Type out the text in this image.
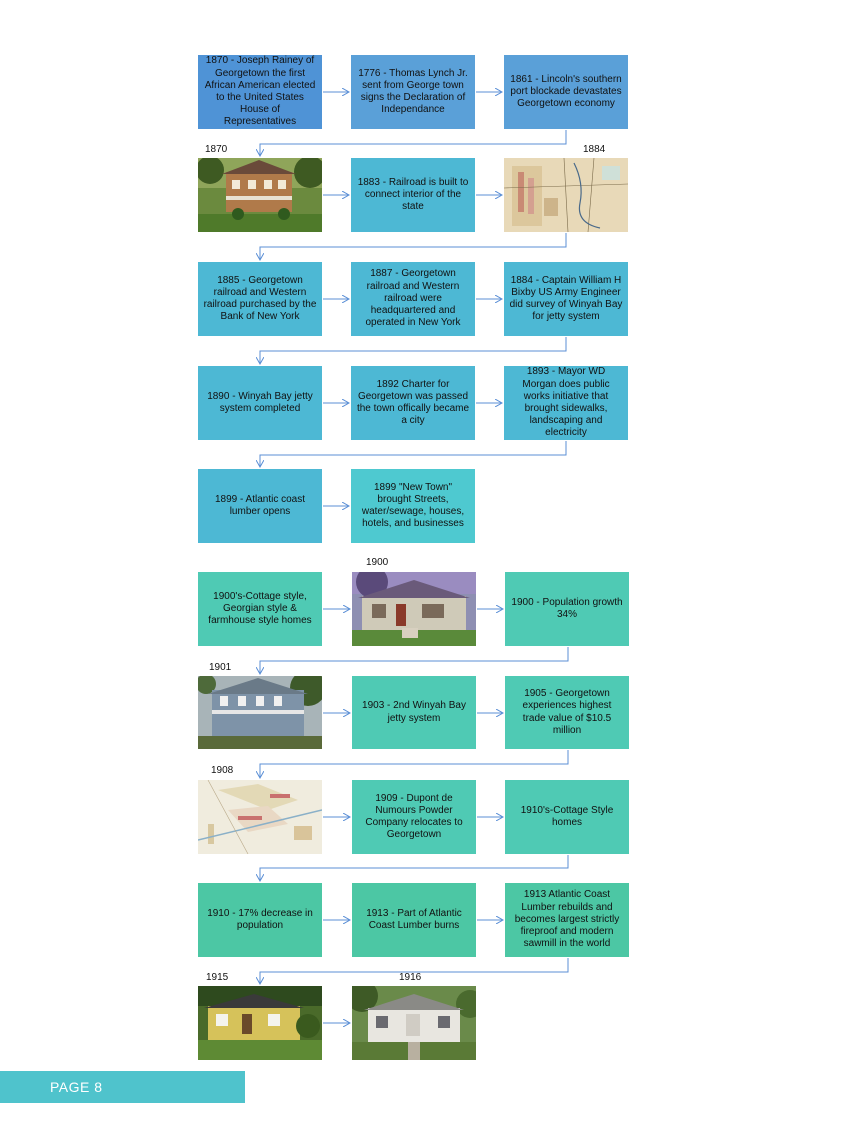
1870 - Joseph Rainey of Georgetown the first African American elected to the United States House of Representatives
1776 - Thomas Lynch Jr. sent from George town signs the Declaration of Independance
1861 - Lincoln's southern port blockade devastates Georgetown economy
1870	1884
1883 - Railroad is built to connect interior of the state
1885 - Georgetown railroad and Western railroad purchased by the Bank of New York
1887 - Georgetown railroad and Western railroad were headquartered and operated in New York
1884 - Captain William H Bixby US Army Engineer did survey of Winyah Bay for jetty system
1890 - Winyah Bay jetty system completed
1892 Charter for Georgetown was passed the town offically became a city
1893 - Mayor WD Morgan does public works initiative that brought sidewalks, landscaping and electricity
1899 - Atlantic coast lumber opens
1899 "New Town" brought Streets, water/sewage, houses, hotels, and businesses
1900
1900's-Cottage style, Georgian style & farmhouse style homes
1900 - Population growth 34%
1901
1903 - 2nd Winyah Bay jetty system
1905 - Georgetown experiences highest trade value of $10.5 million
1908
1909 - Dupont de Numours Powder Company relocates to Georgetown
1910's-Cottage Style homes
1910 - 17% decrease in population
1913 - Part of Atlantic Coast Lumber burns
1913 Atlantic Coast Lumber rebuilds and becomes largest strictly fireproof and modern sawmill in the world
1915	1916
PAGE 8
